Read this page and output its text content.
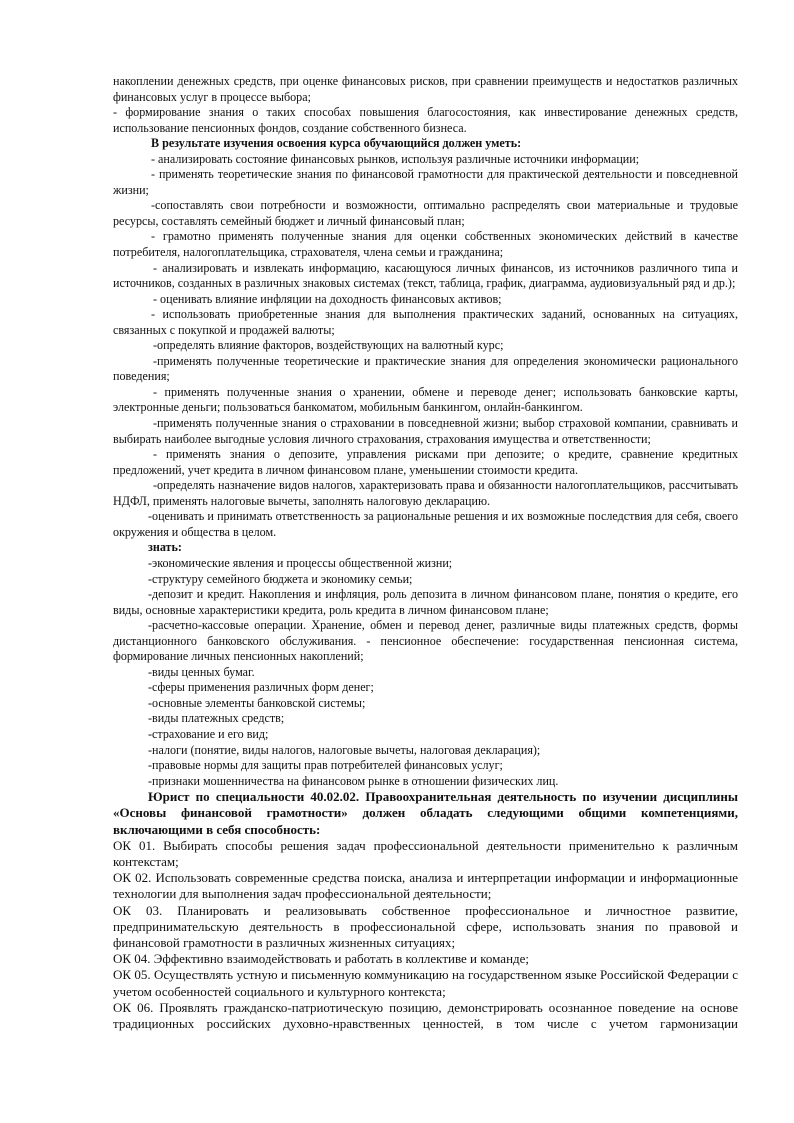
накоплении денежных средств, при оценке финансовых рисков, при сравнении преимуществ и недостатков различных финансовых услуг в процессе выбора;

- формирование знания о таких способах повышения благосостояния, как инвестирование денежных средств, использование пенсионных фондов, создание собственного бизнеса.

В результате изучения освоения курса обучающийся должен уметь:

- анализировать состояние финансовых рынков, используя различные источники информации;

- применять теоретические знания по финансовой грамотности для практической деятельности и повседневной жизни;

-сопоставлять свои потребности и возможности, оптимально распределять свои материальные и трудовые ресурсы, составлять семейный бюджет и личный финансовый план;

- грамотно применять полученные знания для оценки собственных экономических действий в качестве потребителя, налогоплательщика, страхователя, члена семьи и гражданина;

- анализировать и извлекать информацию, касающуюся личных финансов, из источников различного типа и источников, созданных в различных знаковых системах (текст, таблица, график, диаграмма, аудиовизуальный ряд и др.);

- оценивать влияние инфляции на доходность финансовых активов;

- использовать приобретенные знания для выполнения практических заданий, основанных на ситуациях, связанных с покупкой и продажей валюты;

-определять влияние факторов, воздействующих на валютный курс;

-применять полученные теоретические и практические знания для определения экономически рационального поведения;

- применять полученные знания о хранении, обмене и переводе денег; использовать банковские карты, электронные деньги; пользоваться банкоматом, мобильным банкингом, онлайн-банкингом.

-применять полученные знания о страховании в повседневной жизни; выбор страховой компании, сравнивать и выбирать наиболее выгодные условия личного страхования, страхования имущества и ответственности;

- применять знания о депозите, управления рисками при депозите; о кредите, сравнение кредитных предложений, учет кредита в личном финансовом плане, уменьшении стоимости кредита.

-определять назначение видов налогов, характеризовать права и обязанности налогоплательщиков, рассчитывать НДФЛ, применять налоговые вычеты, заполнять налоговую декларацию.

-оценивать и принимать ответственность за рациональные решения и их возможные последствия для себя, своего окружения и общества в целом.

знать:

-экономические явления и процессы общественной жизни;

-структуру семейного бюджета и экономику семьи;

-депозит и кредит. Накопления и инфляция, роль депозита в личном финансовом плане, понятия о кредите, его виды, основные характеристики кредита, роль кредита в личном финансовом плане;

-расчетно-кассовые операции. Хранение, обмен и перевод денег, различные виды платежных средств, формы дистанционного банковского обслуживания. - пенсионное обеспечение: государственная пенсионная система, формирование личных пенсионных накоплений;

-виды ценных бумаг.

-сферы применения различных форм денег;

-основные элементы банковской системы;

-виды платежных средств;

-страхование и его вид;

-налоги (понятие, виды налогов, налоговые вычеты, налоговая декларация);

-правовые нормы для защиты прав потребителей финансовых услуг;

-признаки мошенничества на финансовом рынке в отношении физических лиц.

Юрист по специальности 40.02.02. Правоохранительная деятельность по изучении дисциплины «Основы финансовой грамотности» должен обладать следующими общими компетенциями, включающими в себя способность:

ОК 01. Выбирать способы решения задач профессиональной деятельности применительно к различным контекстам;

ОК 02. Использовать современные средства поиска, анализа и интерпретации информации и информационные технологии для выполнения задач профессиональной деятельности;

ОК 03. Планировать и реализовывать собственное профессиональное и личностное развитие, предпринимательскую деятельность в профессиональной сфере, использовать знания по правовой и финансовой грамотности в различных жизненных ситуациях;

ОК 04. Эффективно взаимодействовать и работать в коллективе и команде;

ОК 05. Осуществлять устную и письменную коммуникацию на государственном языке Российской Федерации с учетом особенностей социального и культурного контекста;

ОК 06. Проявлять гражданско-патриотическую позицию, демонстрировать осознанное поведение на основе традиционных российских духовно-нравственных ценностей, в том числе с учетом гармонизации
